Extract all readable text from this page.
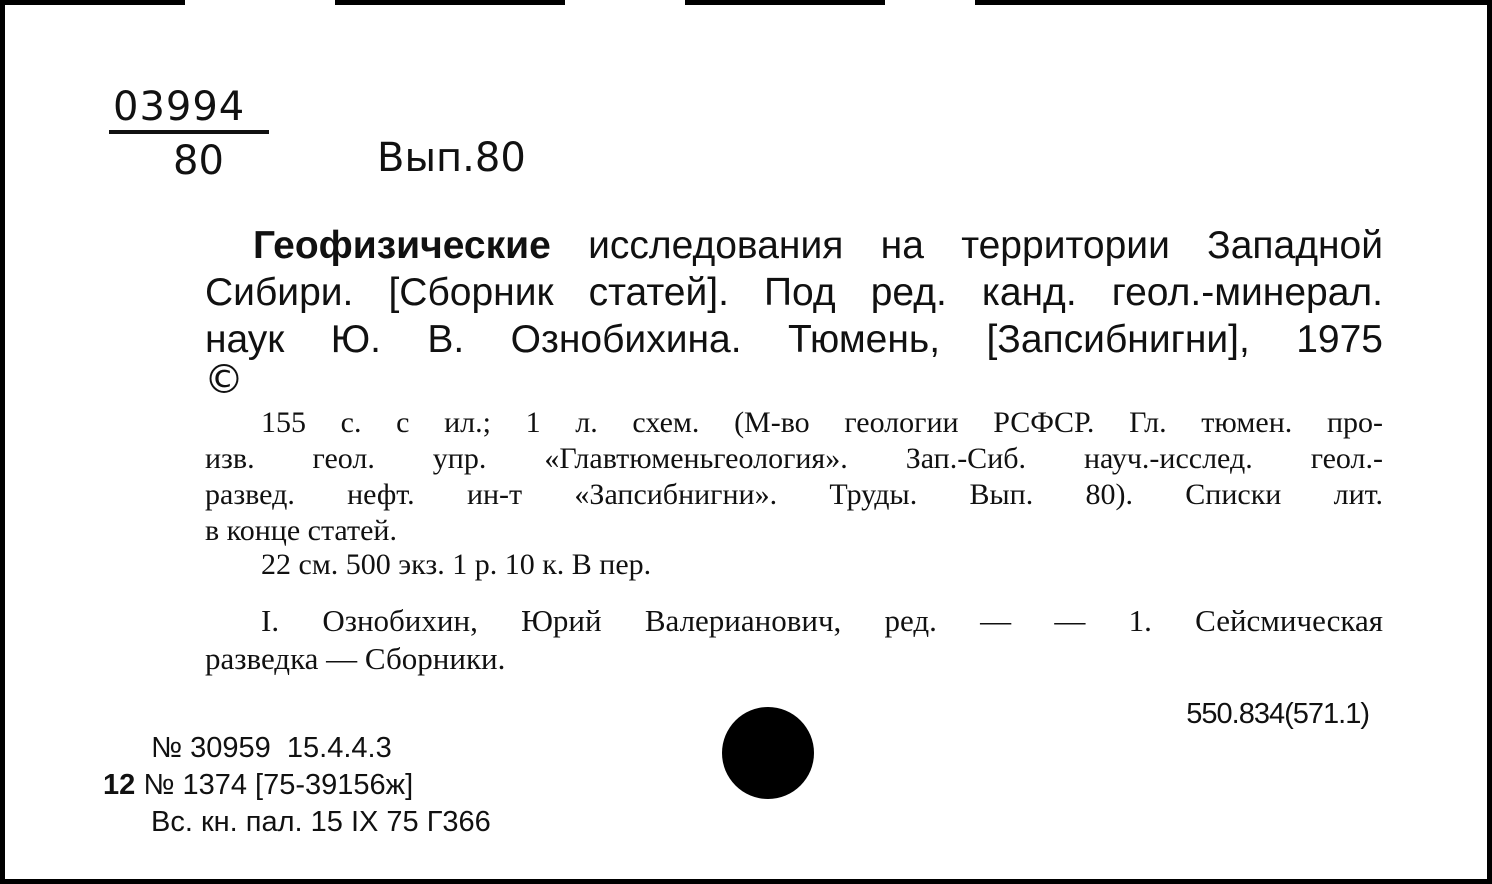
03994
80	Вып.80
Геофизические исследования на территории Западной
Сибири. [Сборник статей]. Под ред. канд. геол.-минерал.
наук Ю. В. Ознобихина. Тюмень, [Запсибнигни], 1975
©
155 с. с ил.; 1 л. схем. (М-во геологии РСФСР. Гл. тюмен. про-
изв. геол. упр. «Главтюменьгеология». Зап.-Сиб. науч.-исслед. геол.-
развед. нефт. ин-т «Запсибнигни». Труды. Вып. 80). Списки лит.
в конце статей.
22 см. 500 экз. 1 р. 10 к. В пер.
I. Ознобихин, Юрий Валерианович, ред. — — 1. Сейсмическая
разведка — Сборники.
550.834(571.1)
№ 30959  15.4.4.3
12 № 1374 [75-39156ж]
Вс. кн. пал. 15 IX 75 Г366
